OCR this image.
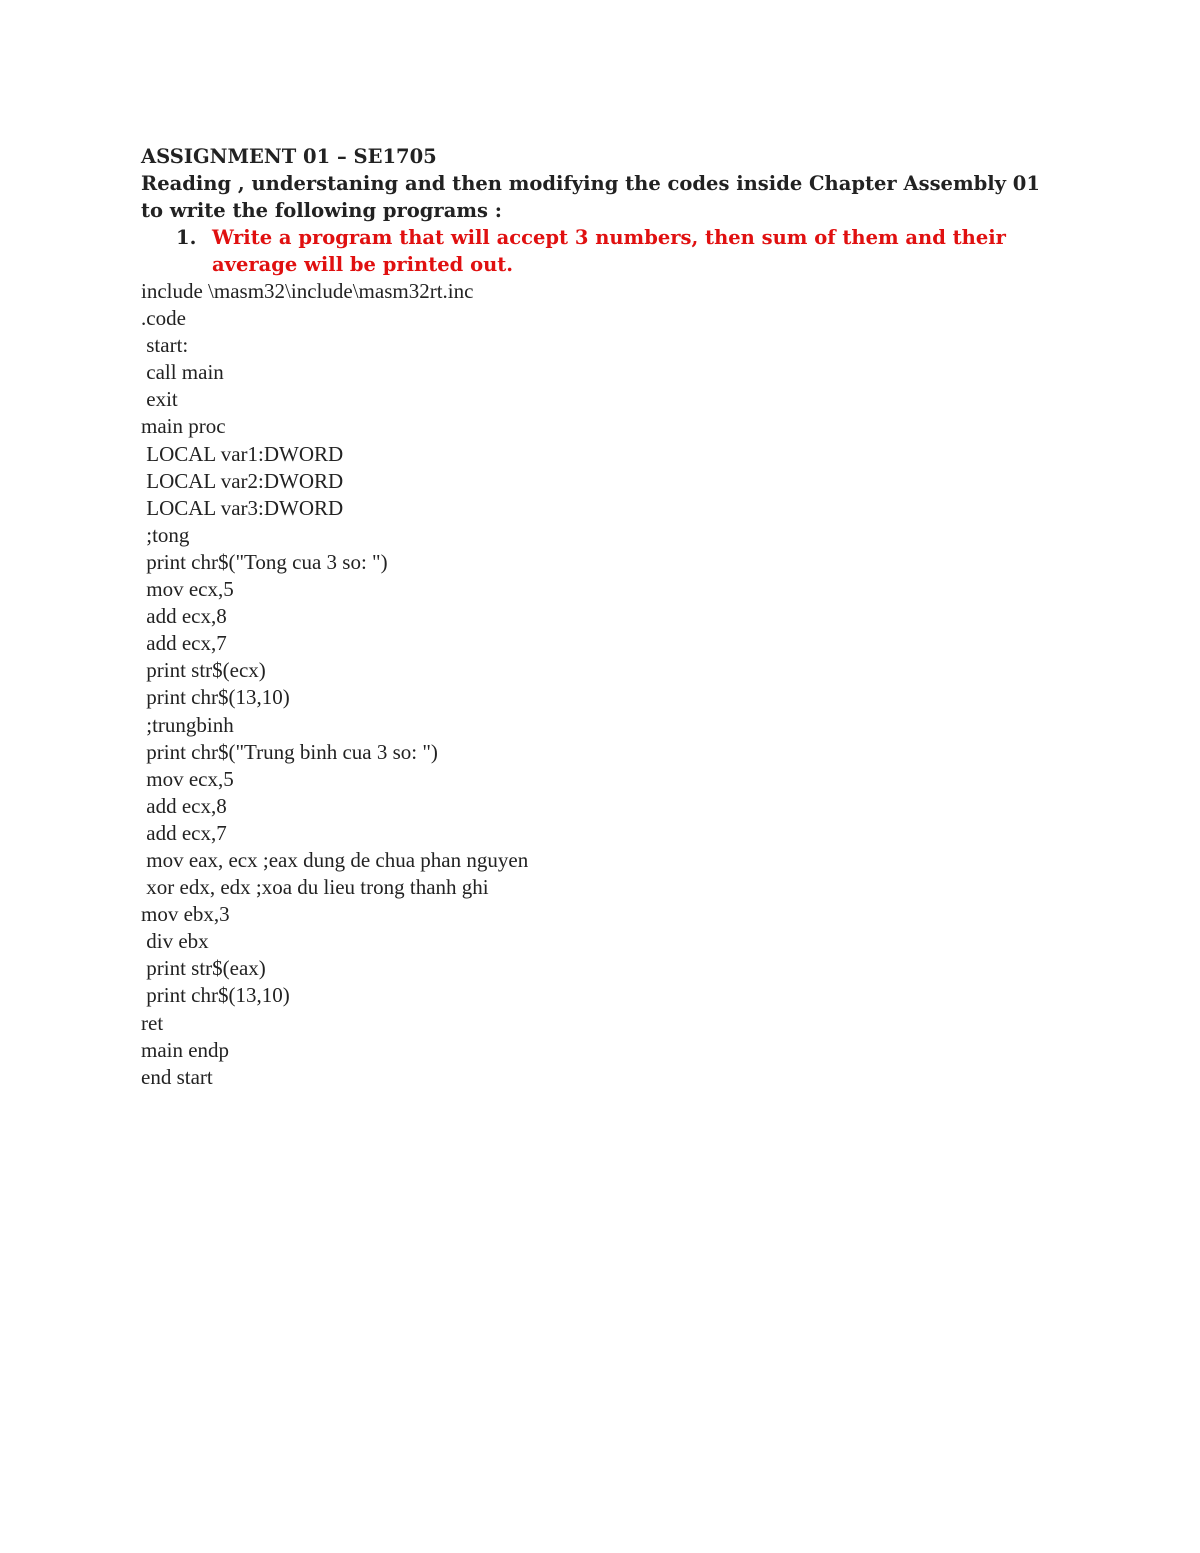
ASSIGNMENT 01 – SE1705

Reading , understaning and then modifying the codes inside Chapter Assembly 01 to write the following programs :

1. Write a program that will accept 3 numbers, then sum of them and their average will be printed out.
include \masm32\include\masm32rt.inc
.code
start:
call main
exit
main proc
LOCAL var1:DWORD
LOCAL var2:DWORD
LOCAL var3:DWORD
;tong
print chr$("Tong cua 3 so: ")
mov ecx,5
add ecx,8
add ecx,7
print str$(ecx)
print chr$(13,10)
;trungbinh
print chr$("Trung binh cua 3 so: ")
mov ecx,5
add ecx,8
add ecx,7
mov eax, ecx ;eax dung de chua phan nguyen
xor edx, edx ;xoa du lieu trong thanh ghi
mov ebx,3
div ebx
print str$(eax)
print chr$(13,10)
ret
main endp
end start
